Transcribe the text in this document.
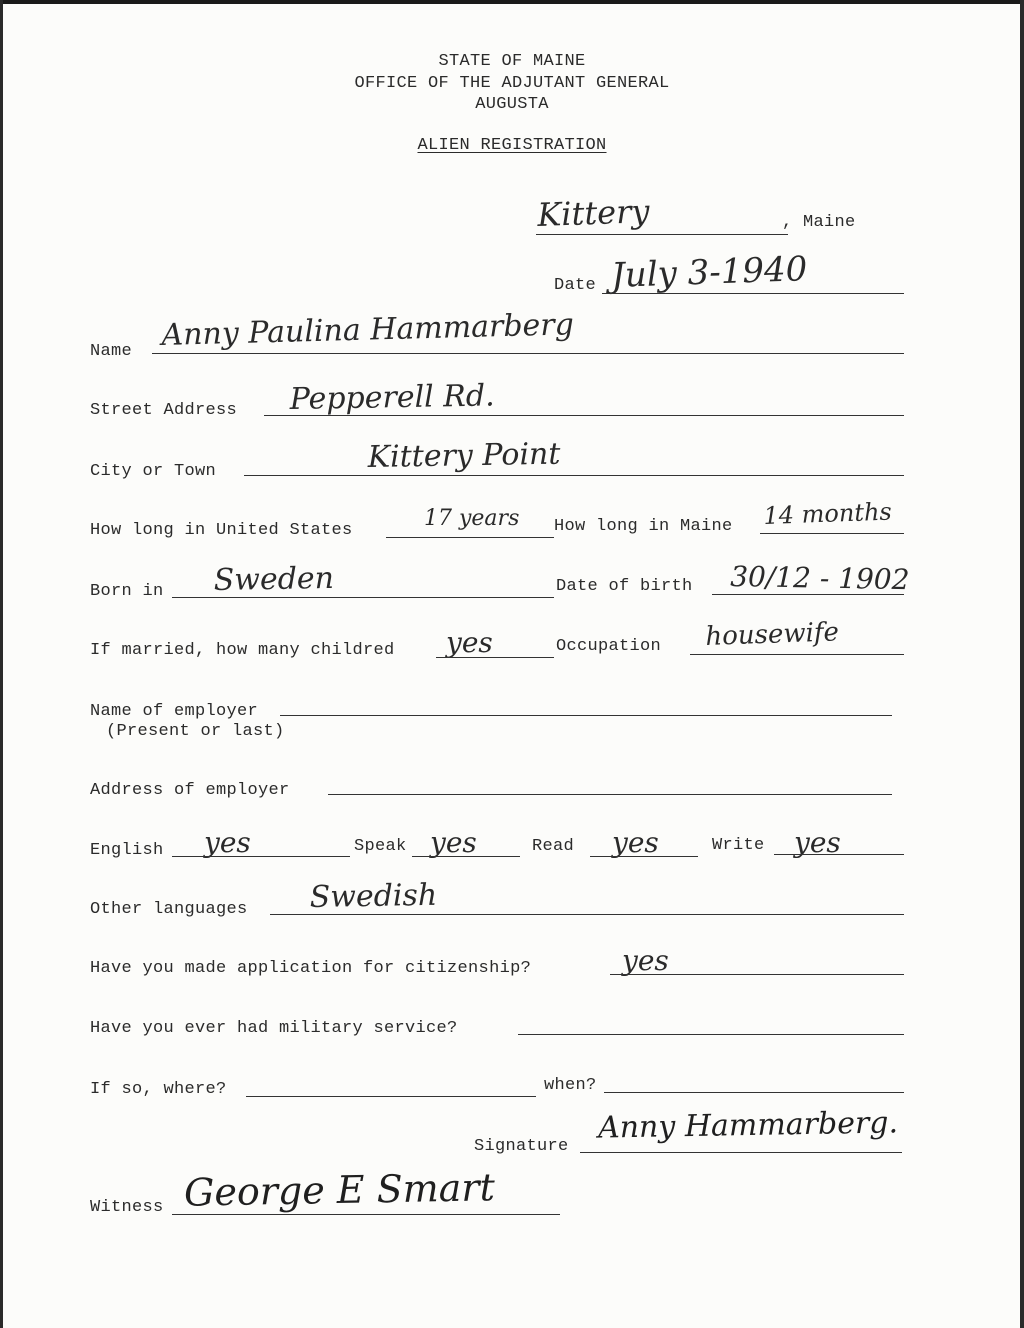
STATE OF MAINE
OFFICE OF THE ADJUTANT GENERAL
AUGUSTA
ALIEN REGISTRATION
Kittery	, Maine
Date July 3-1940
Name Anny Paulina Hammarberg
Street Address Pepperell Rd.
City or Town	Kittery Point
How long in United States	17 years How long in Maine 14 months
Born in Sweden	Date of birth 30/12 - 1902
If married, how many childred yes	Occupation housewife
Name of employer
(Present or last)
Address of employer
English yes	Speak yes	Read yes	Write yes
Other languages Swedish
Have you made application for citizenship?	yes
Have you ever had military service?
If so, where?	when?
Signature
Anny Hammarberg.
Witness George E Smart
